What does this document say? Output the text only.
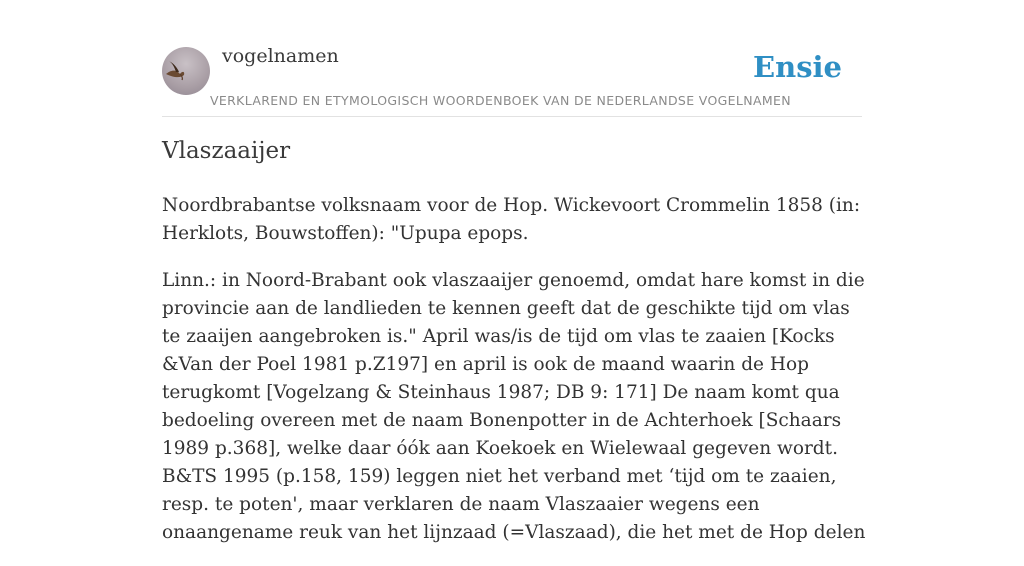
vogelnamen	Ensie
VERKLAREND EN ETYMOLOGISCH WOORDENBOEK VAN DE NEDERLANDSE VOGELNAMEN
Vlaszaaijer

Noordbrabantse volksnaam voor de Hop. Wickevoort Crommelin 1858 (in: Herklots, Bouwstoffen): "Upupa epops.

Linn.: in Noord-Brabant ook vlaszaaijer genoemd, omdat hare komst in die provincie aan de landlieden te kennen geeft dat de geschikte tijd om vlas te zaaijen aangebroken is." April was/is de tijd om vlas te zaaien [Kocks &Van der Poel 1981 p.Z197] en april is ook de maand waarin de Hop terugkomt [Vogelzang & Steinhaus 1987; DB 9: 171] De naam komt qua bedoeling overeen met de naam Bonenpotter in de Achterhoek [Schaars 1989 p.368], welke daar óók aan Koekoek en Wielewaal gegeven wordt. B&TS 1995 (p.158, 159) leggen niet het verband met ‘tijd om te zaaien, resp. te poten', maar verklaren de naam Vlaszaaier wegens een onaangename reuk van het lijnzaad (=Vlaszaad), die het met de Hop delen
